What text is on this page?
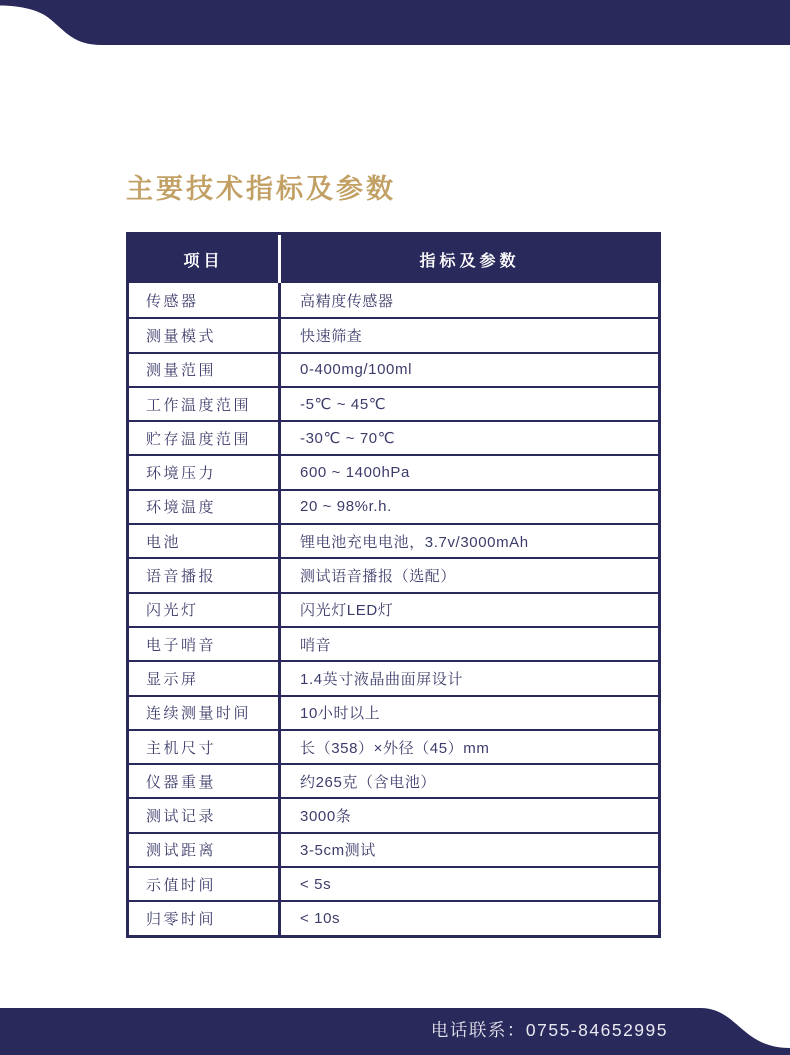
主要技术指标及参数
项目	指标及参数
传感器	高精度传感器
测量模式	快速筛查
测量范围	0-400mg/100ml
工作温度范围	-5℃ ~ 45℃
贮存温度范围	-30℃ ~ 70℃
环境压力	600 ~ 1400hPa
环境温度	20 ~ 98%r.h.
电池	锂电池充电电池，3.7v/3000mAh
语音播报	测试语音播报（选配）
闪光灯	闪光灯LED灯
电子哨音	哨音
显示屏	1.4英寸液晶曲面屏设计
连续测量时间	10小时以上
主机尺寸	长（358）×外径（45）mm
仪器重量	约265克（含电池）
测试记录	3000条
测试距离	3-5cm测试
示值时间	< 5s
归零时间	< 10s
电话联系：0755-84652995
